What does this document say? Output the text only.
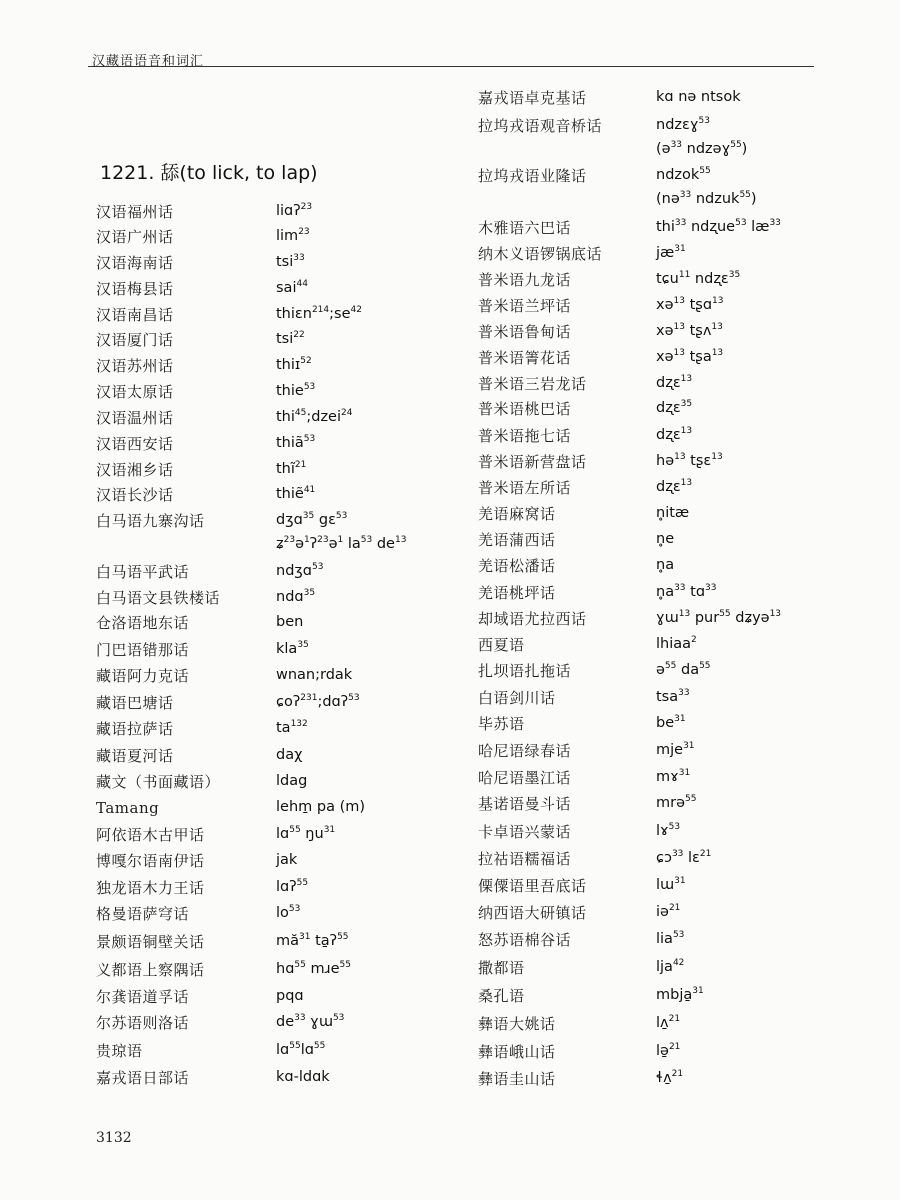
汉藏语语音和词汇
1221. 舔(to lick, to lap)
汉语福州话	liɑʔ$^{23}$
汉语广州话	$\lim^{23}$
汉语海南话	tsi$^{33}$
汉语梅县话	sai$^{44}$
汉语南昌话	$thiɛn^{214};se^{42}$
汉语厦门话	tsi$^{22}$
汉语苏州话	thiɪ$^{52}$
汉语太原话	thie$^{53}$
汉语温州话	thi$^{45}$;dzei$^{24}$
汉语西安话	thiã$^{53}$
汉语湘乡话	thĩ$^{21}$
汉语长沙话	thiẽ$^{41}$
白马语九寨沟话	dʒɑ$^{35}$ gɛ$^{53}$
ʑ$^{23}$ə$^1$ʔ$^{23}$ə$^1$ $la^{53}$ $de^{13}$
白马语平武话	ndʒɑ$^{53}$
白马语文县铁楼话	ndɑ$^{35}$
仓洛语地东话	ben
门巴语错那话	kla$^{35}$
藏语阿力克话	wnan;rdak
藏语巴塘话	ɕoʔ$^{231}$;dɑʔ$^{53}$
藏语拉萨话	$ta^{132}$
藏语夏河话	daχ
藏文（书面藏语）	ldag
Tamang	lehm̱ pa (m)
阿依语木古甲话	lɑ$^{55}$ $ŋu^{31}$
博嘎尔语南伊话	jak
独龙语木力王话	lɑʔ$^{55}$
格曼语萨穹话	$lo^{53}$
景颇语铜壁关话	$mă^{31}$ ta̱ʔ$^{55}$
义都语上察隅话	hɑ$^{55}$ mɹe$^{55}$
尔龚语道孚话	pqɑ
尔苏语则洛话	$de^{33}$ ɣɯ$^{53}$
贵琼语	lɑ$^{55}$lɑ$^{55}$
嘉戎语日部话	kɑ-ldɑk
嘉戎语卓克基话	kɑ nə ntsok
拉坞戎语观音桥话	ndzɛɣ$^{53}$
(ə$^{33}$ ndzəɣ$^{55}$)
拉坞戎语业隆话	ndzok$^{55}$
(nə$^{33}$ ndzuk$^{55}$)
木雅语六巴话	thi$^{33}$ ndʐue$^{53}$ $læ^{33}$
纳木义语锣锅底话	$jæ^{31}$
普米语九龙话	tɕu$^{11}$ ndʐɛ$^{35}$
普米语兰坪话	xə$^{13}$ tʂɑ$^{13}$
普米语鲁甸话	xə$^{13}$ tʂʌ$^{13}$
普米语箐花话	xə$^{13}$ tʂa$^{13}$
普米语三岩龙话	dʐɛ$^{13}$
普米语桃巴话	dʐɛ$^{35}$
普米语拖七话	dʐɛ$^{13}$
普米语新营盘话	hə$^{13}$ tʂɛ$^{13}$
普米语左所话	dʐɛ$^{13}$
羌语麻窝话	n̥itæ
羌语蒲西话	n̥e
羌语松潘话	n̥a
羌语桃坪话	$n̥a^{33}$ tɑ$^{33}$
却域语尤拉西话	ɣɯ$^{13}$ pur$^{55}$ dʑyə$^{13}$
西夏语	lhiaa$^2$
扎坝语扎拖话	ə$^{55}$ $da^{55}$
白语剑川话	tsa$^{33}$
毕苏语	$be^{31}$
哈尼语绿春话	mje$^{31}$
哈尼语墨江话	mɤ$^{31}$
基诺语曼斗话	mrə$^{55}$
卡卓语兴蒙话	lɤ$^{53}$
拉祜语糯福话	ɕɔ$^{33}$ lɛ$^{21}$
傈僳语里吾底话	lɯ$^{31}$
纳西语大研镇话	iə$^{21}$
怒苏语棉谷话	lia$^{53}$
撒都语	lja$^{42}$
桑孔语	mbja̱$^{31}$
彝语大姚话	lʌ̱$^{21}$
彝语峨山话	lə̱$^{21}$
彝语圭山话	ɬʌ̱$^{21}$
3132
